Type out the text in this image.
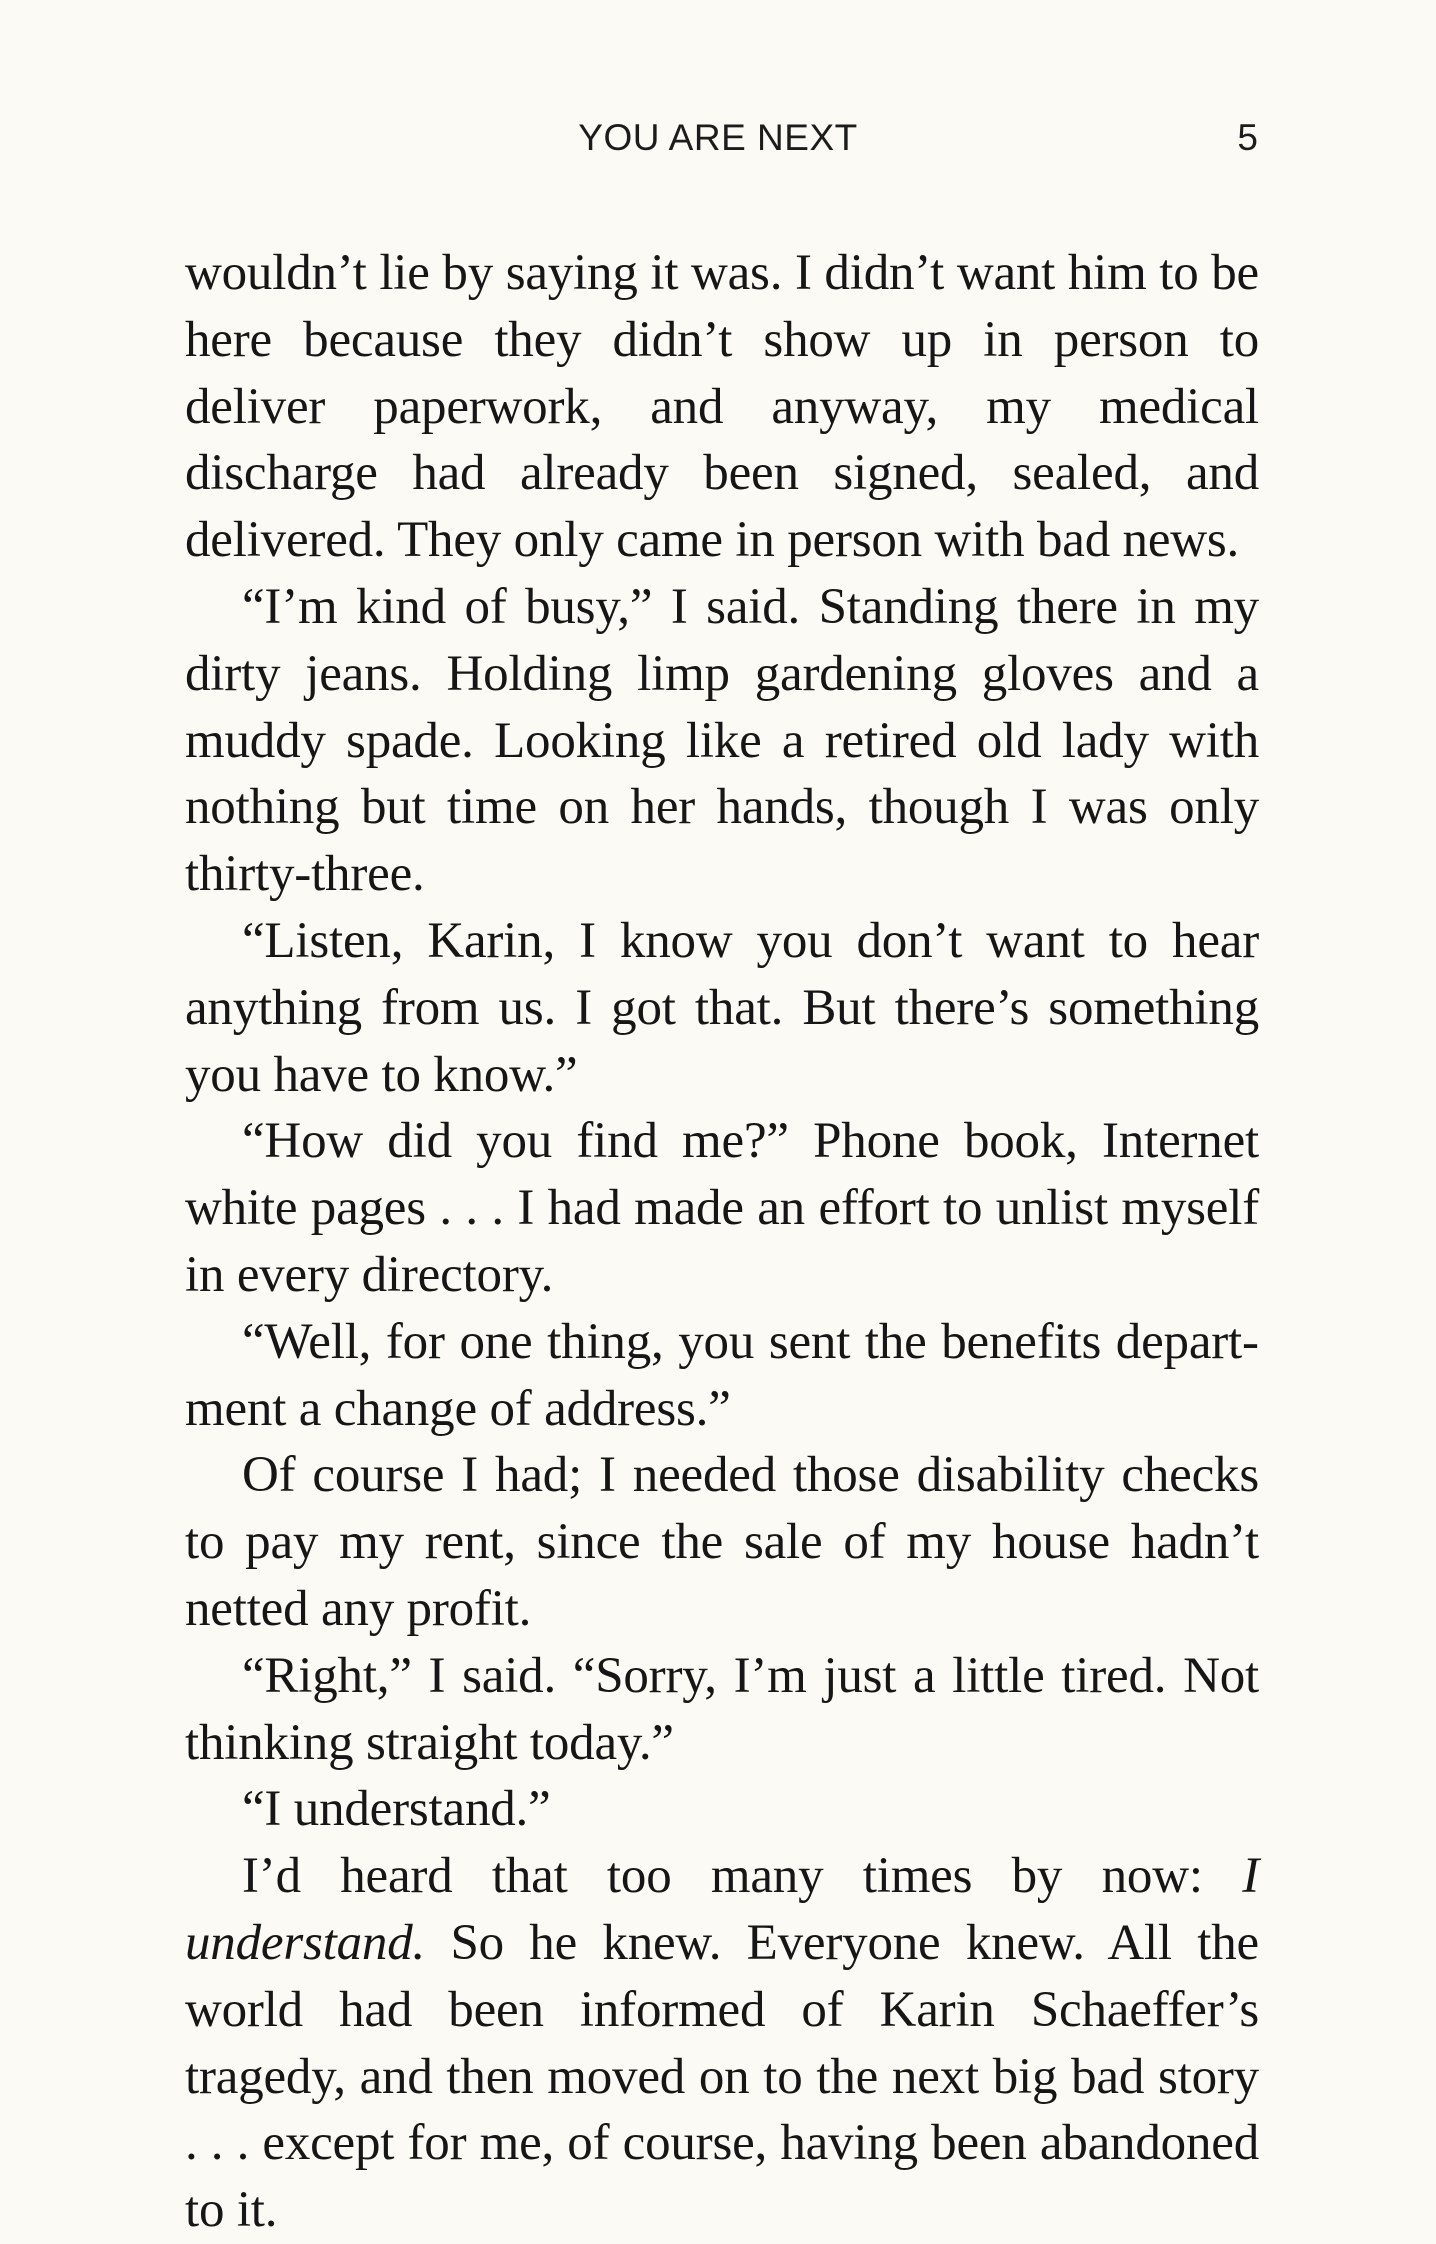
YOU ARE NEXT	5

wouldn’t lie by saying it was. I didn’t want him to be here because they didn’t show up in person to deliver paperwork, and anyway, my medical discharge had already been signed, sealed, and delivered. They only came in person with bad news.

“I’m kind of busy,” I said. Standing there in my dirty jeans. Holding limp gardening gloves and a muddy spade. Looking like a retired old lady with nothing but time on her hands, though I was only thirty-three.

“Listen, Karin, I know you don’t want to hear anything from us. I got that. But there’s something you have to know.”

“How did you find me?” Phone book, Internet white pages . . . I had made an effort to unlist myself in every directory.

“Well, for one thing, you sent the benefits department a change of address.”

Of course I had; I needed those disability checks to pay my rent, since the sale of my house hadn’t netted any profit.

“Right,” I said. “Sorry, I’m just a little tired. Not thinking straight today.”

“I understand.”

I’d heard that too many times by now: I understand. So he knew. Everyone knew. All the world had been informed of Karin Schaeffer’s tragedy, and then moved on to the next big bad story . . . except for me, of course, having been abandoned to it.
